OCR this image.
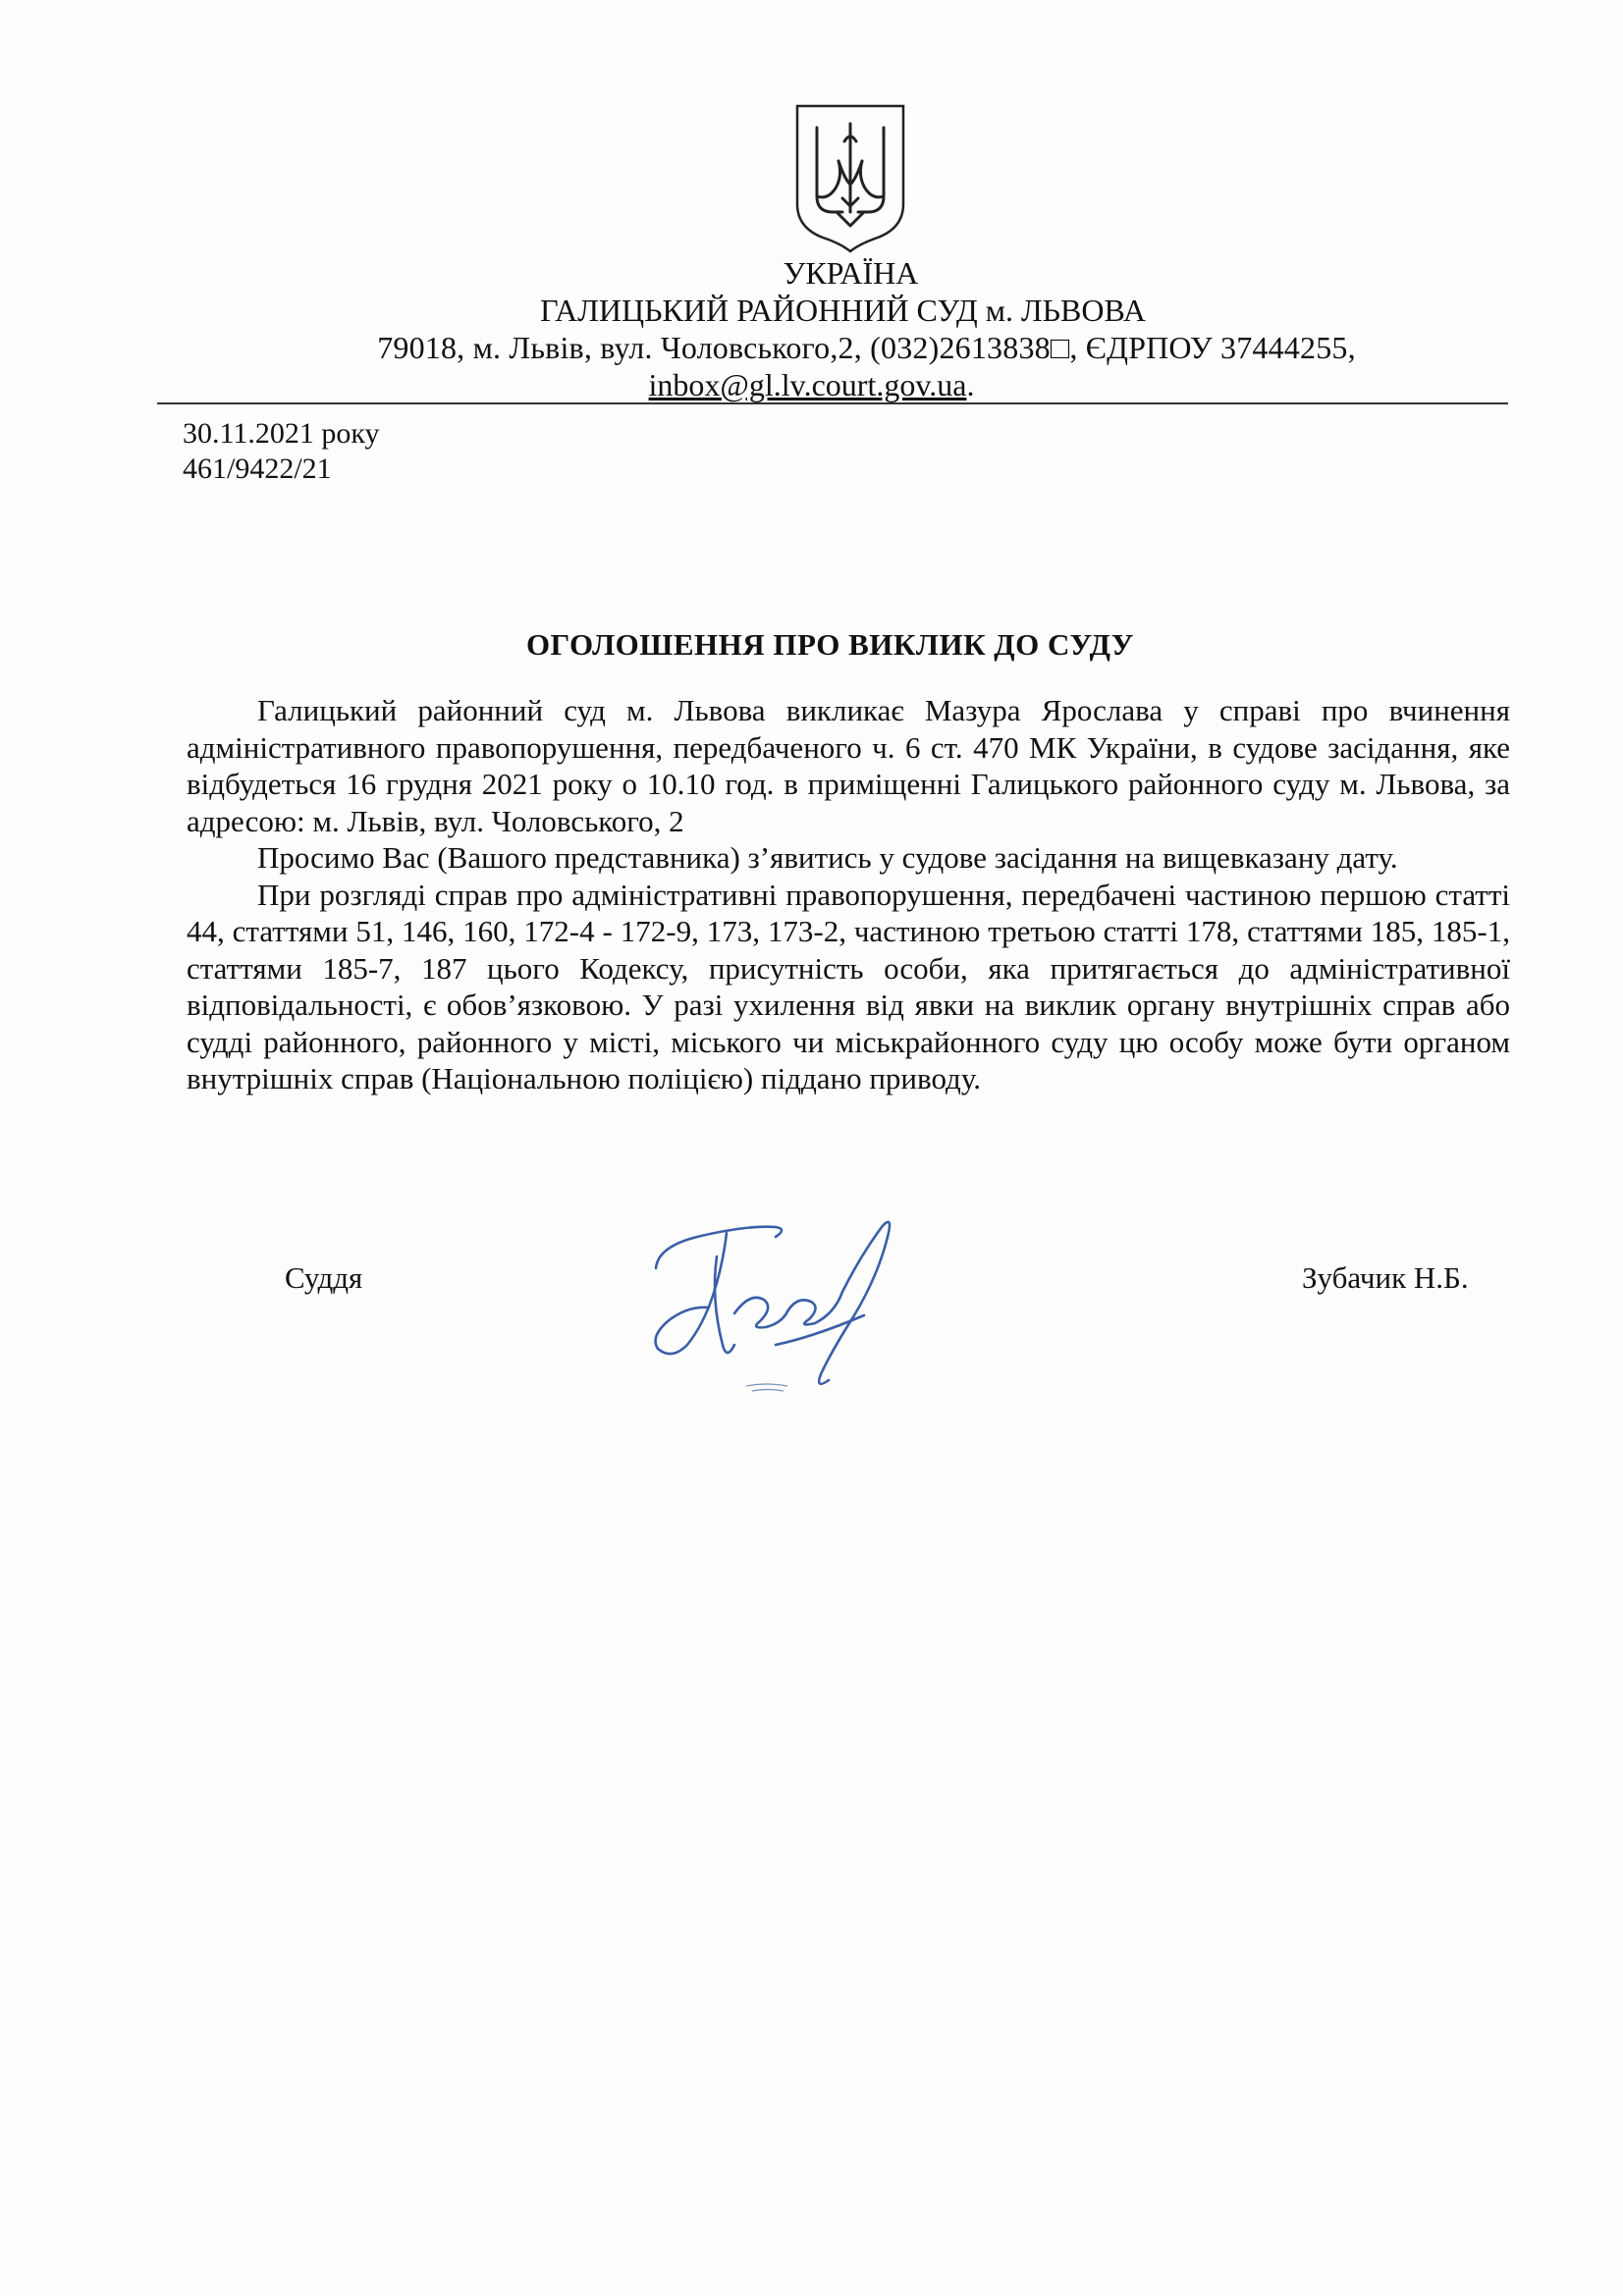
УКРАЇНА
ГАЛИЦЬКИЙ РАЙОННИЙ СУД м. ЛЬВОВА
79018, м. Львів, вул. Чоловського,2, (032)2613838□, ЄДРПОУ 37444255,
inbox@gl.lv.court.gov.ua.
30.11.2021 року
461/9422/21
ОГОЛОШЕННЯ ПРО ВИКЛИК ДО СУДУ

Галицький районний суд м. Львова викликає Мазура Ярослава у справі про вчинення адміністративного правопорушення, передбаченого ч. 6 ст. 470 МК України, в судове засідання, яке відбудеться 16 грудня 2021 року о 10.10 год. в приміщенні Галицького районного суду м. Львова, за адресою: м. Львів, вул. Чоловського, 2

Просимо Вас (Вашого представника) з’явитись у судове засідання на вищевказану дату.

При розгляді справ про адміністративні правопорушення, передбачені частиною першою статті 44, статтями 51, 146, 160, 172-4 - 172-9, 173, 173-2, частиною третьою статті 178, статтями 185, 185-1, статтями 185-7, 187 цього Кодексу, присутність особи, яка притягається до адміністративної відповідальності, є обов’язковою. У разі ухилення від явки на виклик органу внутрішніх справ або судді районного, районного у місті, міського чи міськрайонного суду цю особу може бути органом внутрішніх справ (Національною поліцією) піддано приводу.

Суддя	Зубачик Н.Б.
